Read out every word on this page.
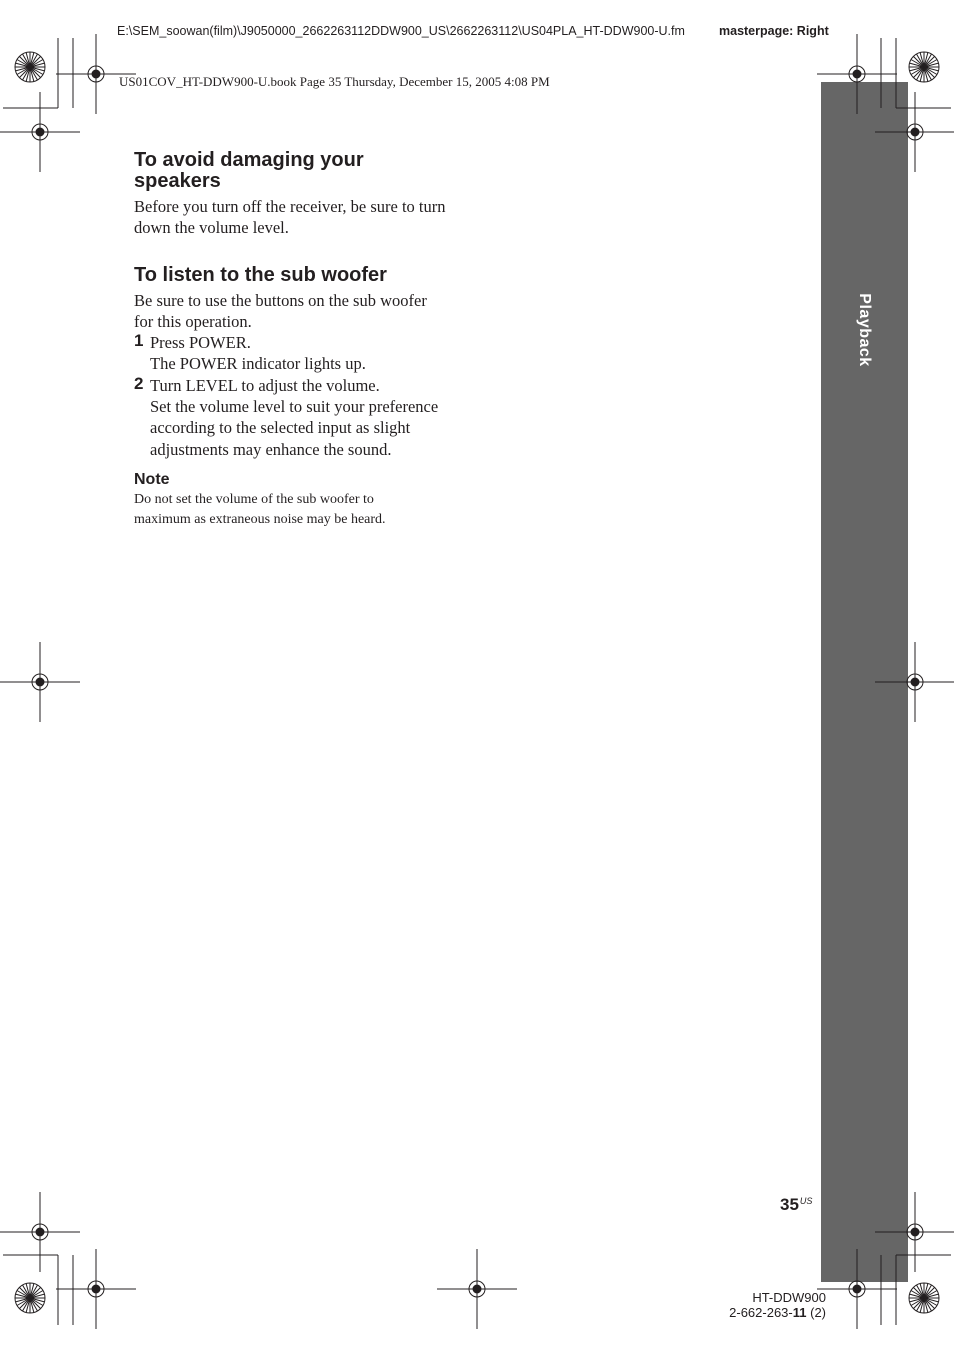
E:\SEM_soowan(film)\J9050000_2662263112DDW900_US\2662263112\US04PLA_HT-DDW900-U.fm	masterpage: Right
US01COV_HT-DDW900-U.book Page 35 Thursday, December 15, 2005 4:08 PM
Playback
To avoid damaging your
speakers
Before you turn off the receiver, be sure to turn
down the volume level.
To listen to the sub woofer
Be sure to use the buttons on the sub woofer
for this operation.
1 Press POWER.
The POWER indicator lights up.
2 Turn LEVEL to adjust the volume.
Set the volume level to suit your preference
according to the selected input as slight
adjustments may enhance the sound.
Note
Do not set the volume of the sub woofer to
maximum as extraneous noise may be heard.
$35^{US}$
HT-DDW900
2-662-263-11 (2)
